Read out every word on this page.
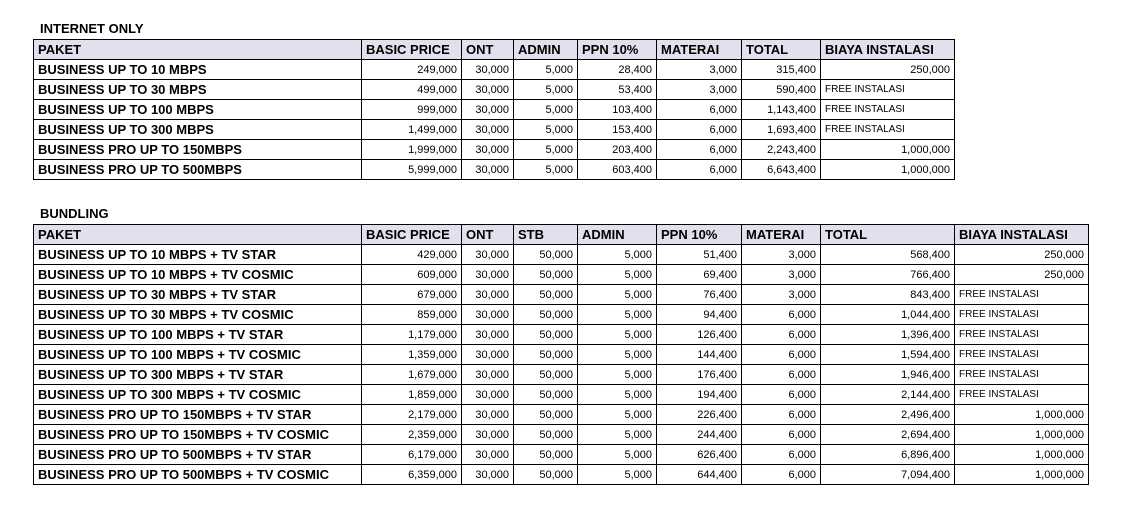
INTERNET ONLY
PAKET	BASIC PRICE	ONT	ADMIN	PPN 10%	MATERAI	TOTAL	BIAYA INSTALASI
BUSINESS UP TO 10 MBPS	249,000	30,000	5,000	28,400	3,000	315,400	250,000
BUSINESS UP TO 30 MBPS	499,000	30,000	5,000	53,400	3,000	590,400	FREE INSTALASI
BUSINESS UP TO 100 MBPS	999,000	30,000	5,000	103,400	6,000	1,143,400	FREE INSTALASI
BUSINESS UP TO 300 MBPS	1,499,000	30,000	5,000	153,400	6,000	1,693,400	FREE INSTALASI
BUSINESS PRO UP TO 150MBPS	1,999,000	30,000	5,000	203,400	6,000	2,243,400	1,000,000
BUSINESS PRO UP TO 500MBPS	5,999,000	30,000	5,000	603,400	6,000	6,643,400	1,000,000
BUNDLING
PAKET	BASIC PRICE	ONT	STB	ADMIN	PPN 10%	MATERAI	TOTAL	BIAYA INSTALASI
BUSINESS UP TO 10 MBPS + TV STAR	429,000	30,000	50,000	5,000	51,400	3,000	568,400	250,000
BUSINESS UP TO 10 MBPS + TV COSMIC	609,000	30,000	50,000	5,000	69,400	3,000	766,400	250,000
BUSINESS UP TO 30 MBPS + TV STAR	679,000	30,000	50,000	5,000	76,400	3,000	843,400	FREE INSTALASI
BUSINESS UP TO 30 MBPS + TV COSMIC	859,000	30,000	50,000	5,000	94,400	6,000	1,044,400	FREE INSTALASI
BUSINESS UP TO 100 MBPS + TV STAR	1,179,000	30,000	50,000	5,000	126,400	6,000	1,396,400	FREE INSTALASI
BUSINESS UP TO 100 MBPS + TV COSMIC	1,359,000	30,000	50,000	5,000	144,400	6,000	1,594,400	FREE INSTALASI
BUSINESS UP TO 300 MBPS + TV STAR	1,679,000	30,000	50,000	5,000	176,400	6,000	1,946,400	FREE INSTALASI
BUSINESS UP TO 300 MBPS + TV COSMIC	1,859,000	30,000	50,000	5,000	194,400	6,000	2,144,400	FREE INSTALASI
BUSINESS PRO UP TO 150MBPS + TV STAR	2,179,000	30,000	50,000	5,000	226,400	6,000	2,496,400	1,000,000
BUSINESS PRO UP TO 150MBPS + TV COSMIC	2,359,000	30,000	50,000	5,000	244,400	6,000	2,694,400	1,000,000
BUSINESS PRO UP TO 500MBPS + TV STAR	6,179,000	30,000	50,000	5,000	626,400	6,000	6,896,400	1,000,000
BUSINESS PRO UP TO 500MBPS + TV COSMIC	6,359,000	30,000	50,000	5,000	644,400	6,000	7,094,400	1,000,000
